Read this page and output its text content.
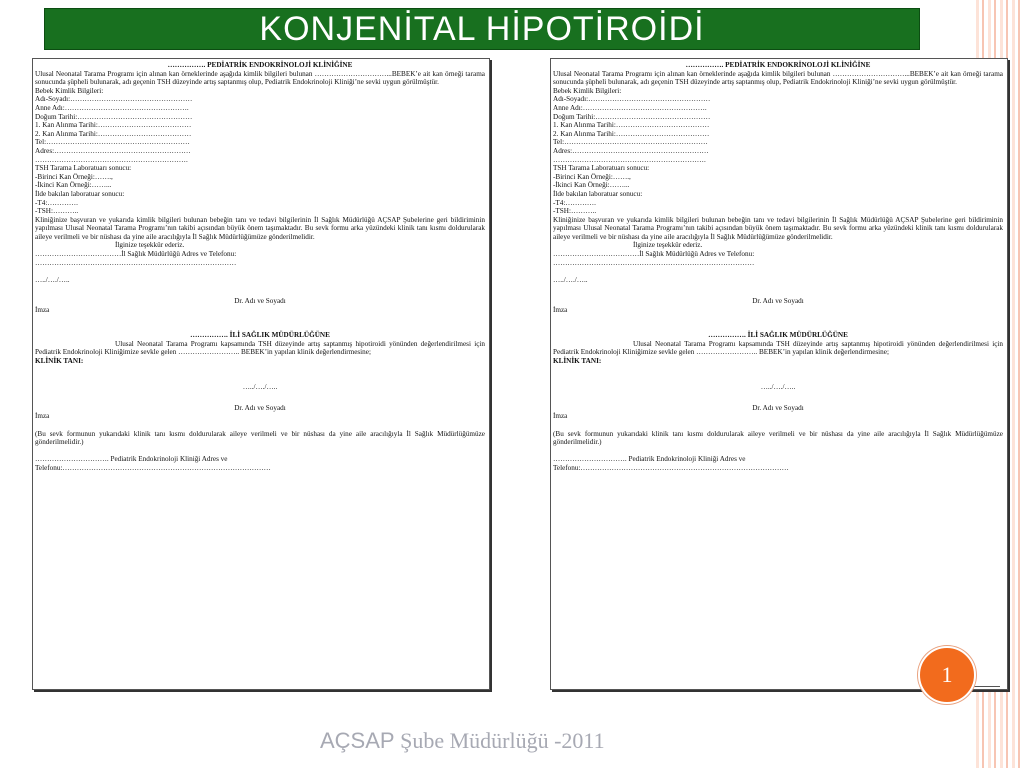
KONJENİTAL HİPOTİROİDİ
……………. PEDİATRİK ENDOKRİNOLOJİ KLİNİĞİNE
Ulusal Neonatal Tarama Programı için alınan kan örneklerinde aşağıda kimlik bilgileri bulunan …………………………...BEBEK’e ait kan örneği tarama sonucunda şüpheli bulunarak, adı geçenin TSH düzeyinde artış saptanmış olup, Pediatrik Endokrinoloji Kliniği’ne sevki uygun görülmüştür.
Bebek Kimlik Bilgileri:
Adı-Soyadı:……………………………………………
Anne Adı:…………………………………………….
Doğum Tarihi:…………………………………………
1. Kan Alınma Tarihi:…………………………………
2. Kan Alınma Tarihi:…………………………………
Tel:……………………………………………………
Adres:…………………………………………………
……………………………………………………….
TSH Tarama Laboratuarı sonucu:
-Birinci Kan Örneği:…….,
-İkinci Kan Örneği:……...
İlde bakılan laboratuar sonucu:
-T4:………….
-TSH:………..
Kliniğinize başvuran ve yukarıda kimlik bilgileri bulunan bebeğin tanı ve tedavi bilgilerinin İl Sağlık Müdürlüğü AÇSAP Şubelerine geri bildiriminin yapılması Ulusal Neonatal Tarama Programı’nın takibi açısından büyük önem taşımaktadır. Bu sevk formu arka yüzündeki klinik tanı kısmı doldurularak aileye verilmeli ve bir nüshası da yine aile aracılığıyla İl Sağlık Müdürlüğümüze gönderilmelidir.
İlginize teşekkür ederiz.
………………………………İl Sağlık Müdürlüğü Adres ve Telefonu:
…………………………………………………………………………
…../…./…..
Dr. Adı ve Soyadı
İmza
……………. İLİ SAĞLIK MÜDÜRLÜĞÜNE
Ulusal Neonatal Tarama Programı kapsamında TSH düzeyinde artış saptanmış hipotiroidi yönünden değerlendirilmesi için Pediatrik Endokrinoloji Kliniğimize sevkle gelen …………………….. BEBEK’in yapılan klinik değerlendirmesine;
KLİNİK TANI:
…../…./…..
Dr. Adı ve Soyadı
İmza
(Bu sevk formunun yukarıdaki klinik tanı kısmı doldurularak aileye verilmeli ve bir nüshası da yine aile aracılığıyla İl Sağlık Müdürlüğümüze gönderilmelidir.)
…………………………. Pediatrik Endokrinoloji Kliniği Adres ve
Telefonu:……………………………………………………………………………
……………. PEDİATRİK ENDOKRİNOLOJİ KLİNİĞİNE
Ulusal Neonatal Tarama Programı için alınan kan örneklerinde aşağıda kimlik bilgileri bulunan …………………………...BEBEK’e ait kan örneği tarama sonucunda şüpheli bulunarak, adı geçenin TSH düzeyinde artış saptanmış olup, Pediatrik Endokrinoloji Kliniği’ne sevki uygun görülmüştür.
Bebek Kimlik Bilgileri:
Adı-Soyadı:……………………………………………
Anne Adı:…………………………………………….
Doğum Tarihi:…………………………………………
1. Kan Alınma Tarihi:…………………………………
2. Kan Alınma Tarihi:…………………………………
Tel:……………………………………………………
Adres:…………………………………………………
……………………………………………………….
TSH Tarama Laboratuarı sonucu:
-Birinci Kan Örneği:…….,
-İkinci Kan Örneği:……...
İlde bakılan laboratuar sonucu:
-T4:………….
-TSH:………..
Kliniğinize başvuran ve yukarıda kimlik bilgileri bulunan bebeğin tanı ve tedavi bilgilerinin İl Sağlık Müdürlüğü AÇSAP Şubelerine geri bildiriminin yapılması Ulusal Neonatal Tarama Programı’nın takibi açısından büyük önem taşımaktadır. Bu sevk formu arka yüzündeki klinik tanı kısmı doldurularak aileye verilmeli ve bir nüshası da yine aile aracılığıyla İl Sağlık Müdürlüğümüze gönderilmelidir.
İlginize teşekkür ederiz.
………………………………İl Sağlık Müdürlüğü Adres ve Telefonu:
…………………………………………………………………………
…../…./…..
Dr. Adı ve Soyadı
İmza
……………. İLİ SAĞLIK MÜDÜRLÜĞÜNE
Ulusal Neonatal Tarama Programı kapsamında TSH düzeyinde artış saptanmış hipotiroidi yönünden değerlendirilmesi için Pediatrik Endokrinoloji Kliniğimize sevkle gelen …………………….. BEBEK’in yapılan klinik değerlendirmesine;
KLİNİK TANI:
…../…./…..
Dr. Adı ve Soyadı
İmza
(Bu sevk formunun yukarıdaki klinik tanı kısmı doldurularak aileye verilmeli ve bir nüshası da yine aile aracılığıyla İl Sağlık Müdürlüğümüze gönderilmelidir.)
…………………………. Pediatrik Endokrinoloji Kliniği Adres ve
Telefonu:……………………………………………………………………………
1
AÇSAP Şube Müdürlüğü -2011
